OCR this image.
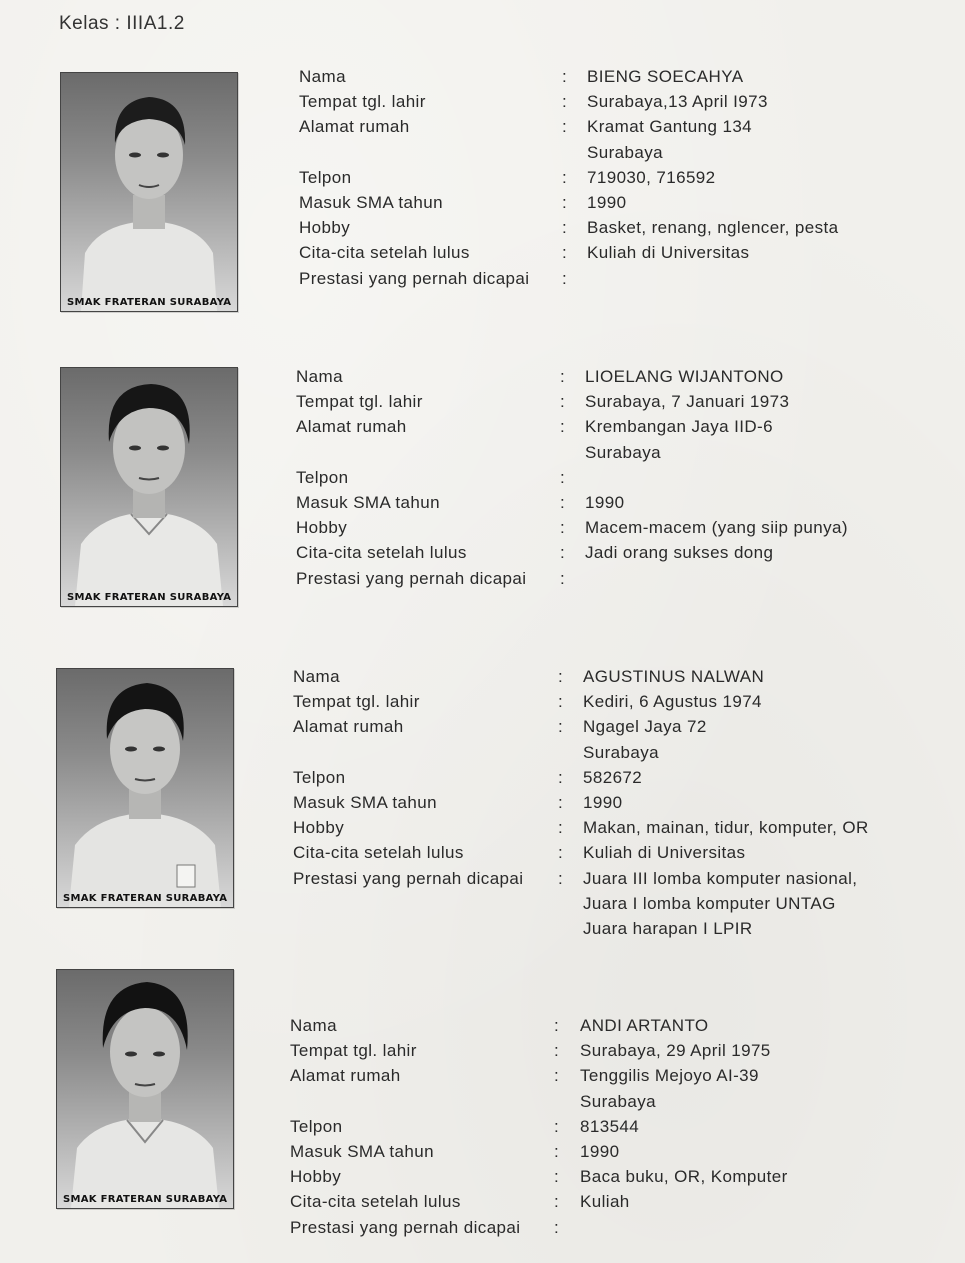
Kelas : IIIA1.2
SMAK FRATERAN SURABAYA
Nama
Tempat tgl. lahir
Alamat rumah
Telpon
Masuk SMA tahun
Hobby
Cita-cita setelah lulus
Prestasi yang pernah dicapai
:
:
:
:
:
:
:
:
BIENG SOECAHYA
Surabaya,13 April I973
Kramat Gantung 134
Surabaya
719030, 716592
1990
Basket, renang, nglencer, pesta
Kuliah di Universitas
SMAK FRATERAN SURABAYA
Nama
Tempat tgl. lahir
Alamat rumah
Telpon
Masuk SMA tahun
Hobby
Cita-cita setelah lulus
Prestasi yang pernah dicapai
:
:
:
:
:
:
:
:
LIOELANG WIJANTONO
Surabaya, 7 Januari 1973
Krembangan Jaya IID-6
Surabaya
1990
Macem-macem (yang siip punya)
Jadi orang sukses dong
SMAK FRATERAN SURABAYA
Nama
Tempat tgl. lahir
Alamat rumah
Telpon
Masuk SMA tahun
Hobby
Cita-cita setelah lulus
Prestasi yang pernah dicapai
:
:
:
:
:
:
:
:
AGUSTINUS NALWAN
Kediri, 6 Agustus 1974
Ngagel Jaya 72
Surabaya
582672
1990
Makan, mainan, tidur, komputer, OR
Kuliah di Universitas
Juara III lomba komputer nasional,
Juara I lomba komputer UNTAG
Juara harapan I LPIR
SMAK FRATERAN SURABAYA
Nama
Tempat tgl. lahir
Alamat rumah
Telpon
Masuk SMA tahun
Hobby
Cita-cita setelah lulus
Prestasi yang pernah dicapai
:
:
:
:
:
:
:
:
ANDI ARTANTO
Surabaya, 29 April 1975
Tenggilis Mejoyo AI-39
Surabaya
813544
1990
Baca buku, OR, Komputer
Kuliah
